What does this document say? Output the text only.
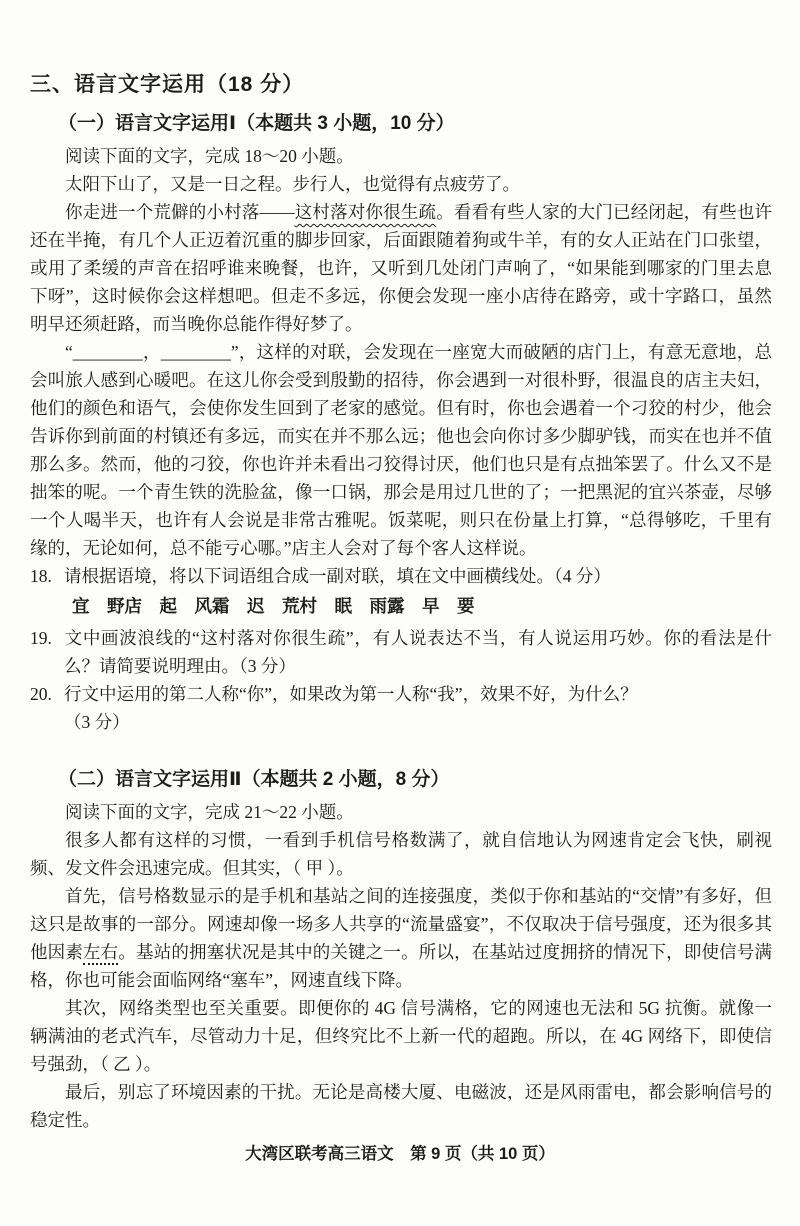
三、语言文字运用（18 分）
（一）语言文字运用Ⅰ（本题共 3 小题，10 分）

阅读下面的文字，完成 18～20 小题。

太阳下山了，又是一日之程。步行人，也觉得有点疲劳了。

你走进一个荒僻的小村落——这村落对你很生疏。看看有些人家的大门已经闭起，有些也许还在半掩，有几个人正迈着沉重的脚步回家，后面跟随着狗或牛羊，有的女人正站在门口张望，或用了柔缓的声音在招呼谁来晚餐，也许，又听到几处闭门声响了，“如果能到哪家的门里去息下呀”，这时候你会这样想吧。但走不多远，你便会发现一座小店待在路旁，或十字路口，虽然明早还须赶路，而当晚你总能作得好梦了。

“________，________”，这样的对联，会发现在一座宽大而破陋的店门上，有意无意地，总会叫旅人感到心暖吧。在这儿你会受到殷勤的招待，你会遇到一对很朴野，很温良的店主夫妇，他们的颜色和语气，会使你发生回到了老家的感觉。但有时，你也会遇着一个刁狡的村少，他会告诉你到前面的村镇还有多远，而实在并不那么远；他也会向你讨多少脚驴钱，而实在也并不值那么多。然而，他的刁狡，你也许并未看出刁狡得讨厌，他们也只是有点拙笨罢了。什么又不是拙笨的呢。一个青生铁的洗脸盆，像一口锅，那会是用过几世的了；一把黑泥的宜兴茶壶，尽够一个人喝半天，也许有人会说是非常古雅呢。饭菜呢，则只在份量上打算，“总得够吃，千里有缘的，无论如何，总不能亏心哪。”店主人会对了每个客人这样说。

18. 请根据语境，将以下词语组合成一副对联，填在文中画横线处。（4 分）

宜　野店　起　风霜　迟　荒村　眠　雨露　早　要

19. 文中画波浪线的“这村落对你很生疏”，有人说表达不当，有人说运用巧妙。你的看法是什么？请简要说明理由。（3 分）

20. 行文中运用的第二人称“你”，如果改为第一人称“我”，效果不好，为什么？

（3 分）

（二）语言文字运用Ⅱ（本题共 2 小题，8 分）

阅读下面的文字，完成 21～22 小题。

很多人都有这样的习惯，一看到手机信号格数满了，就自信地认为网速肯定会飞快，刷视频、发文件会迅速完成。但其实，（ 甲 ）。

首先，信号格数显示的是手机和基站之间的连接强度，类似于你和基站的“交情”有多好，但这只是故事的一部分。网速却像一场多人共享的“流量盛宴”，不仅取决于信号强度，还为很多其他因素左右。基站的拥塞状况是其中的关键之一。所以，在基站过度拥挤的情况下，即使信号满格，你也可能会面临网络“塞车”，网速直线下降。

其次，网络类型也至关重要。即便你的 4G 信号满格，它的网速也无法和 5G 抗衡。就像一辆满油的老式汽车，尽管动力十足，但终究比不上新一代的超跑。所以，在 4G 网络下，即使信号强劲，（ 乙 ）。

最后，别忘了环境因素的干扰。无论是高楼大厦、电磁波，还是风雨雷电，都会影响信号的稳定性。

大湾区联考高三语文　第 9 页（共 10 页）
